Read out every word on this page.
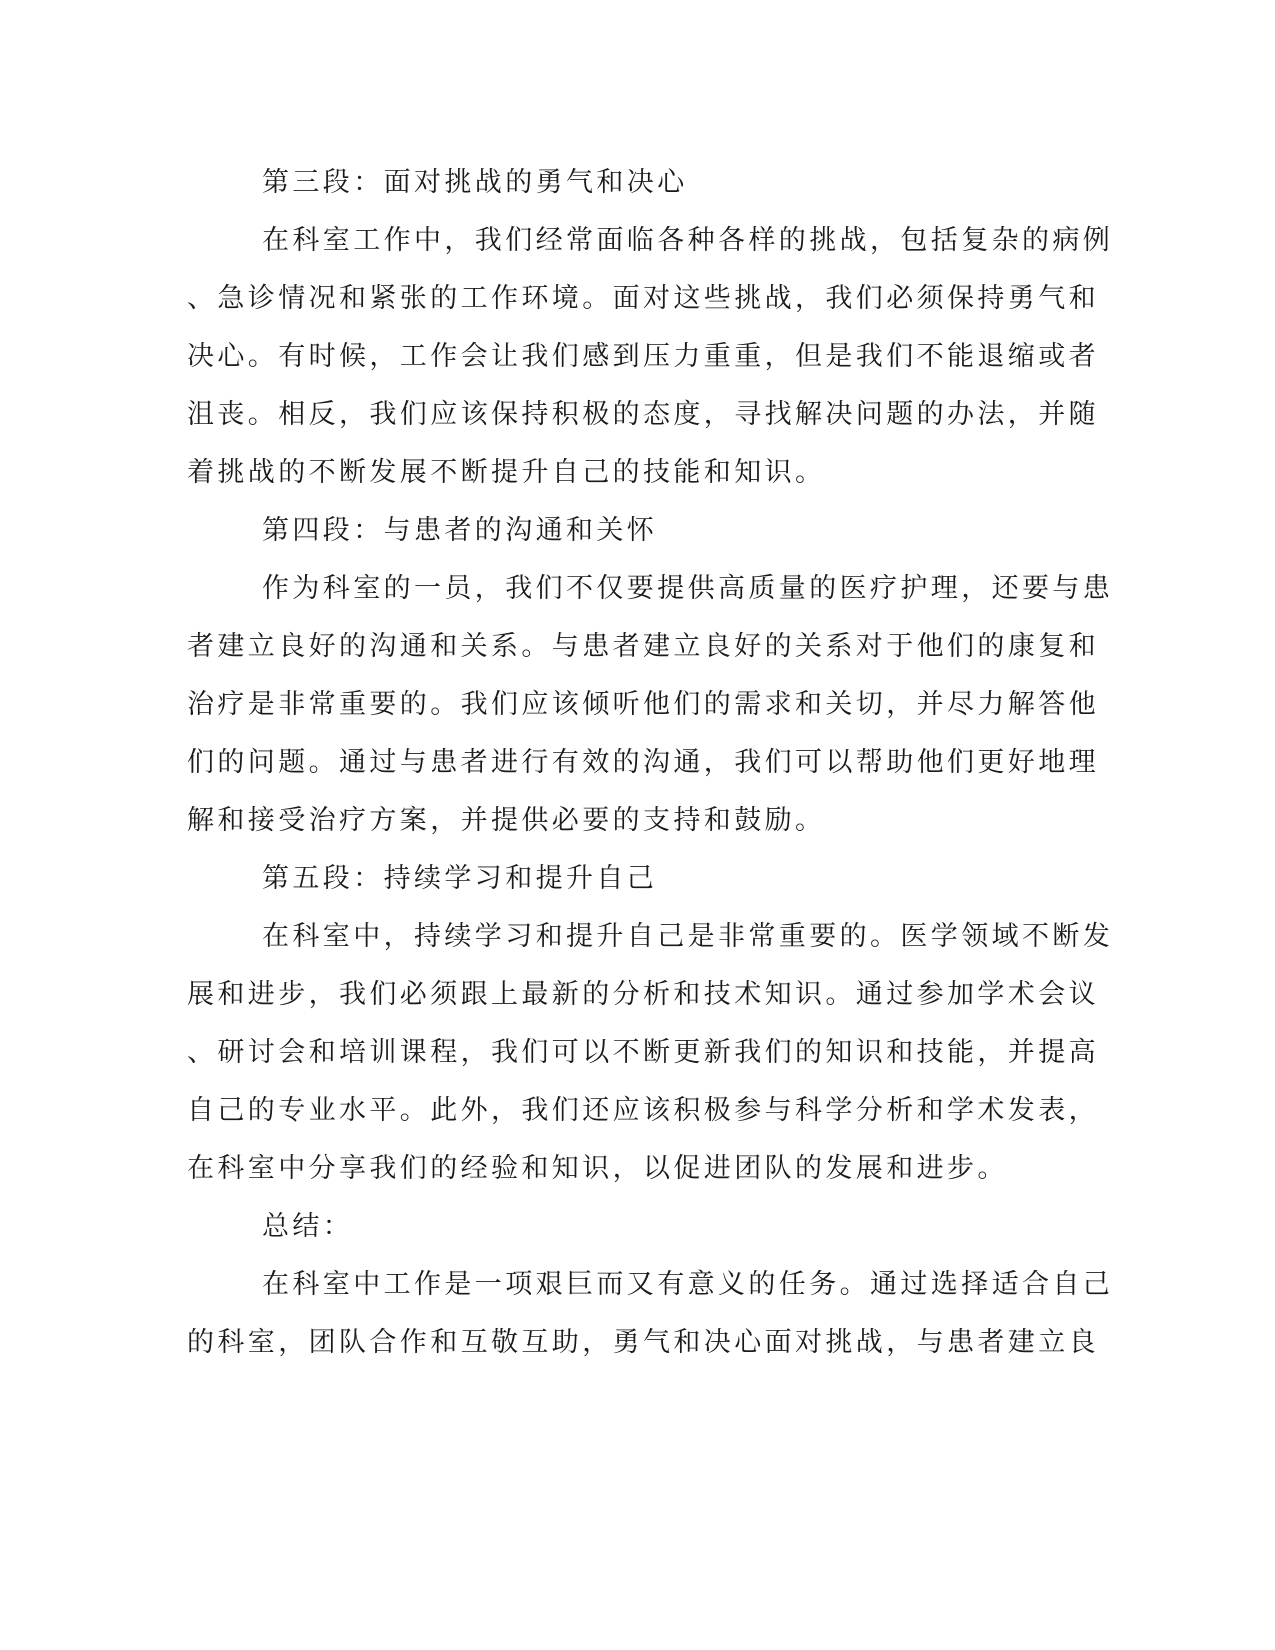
第三段：面对挑战的勇气和决心
在科室工作中，我们经常面临各种各样的挑战，包括复杂的病例
、急诊情况和紧张的工作环境。面对这些挑战，我们必须保持勇气和
决心。有时候，工作会让我们感到压力重重，但是我们不能退缩或者
沮丧。相反，我们应该保持积极的态度，寻找解决问题的办法，并随
着挑战的不断发展不断提升自己的技能和知识。
第四段：与患者的沟通和关怀
作为科室的一员，我们不仅要提供高质量的医疗护理，还要与患
者建立良好的沟通和关系。与患者建立良好的关系对于他们的康复和
治疗是非常重要的。我们应该倾听他们的需求和关切，并尽力解答他
们的问题。通过与患者进行有效的沟通，我们可以帮助他们更好地理
解和接受治疗方案，并提供必要的支持和鼓励。
第五段：持续学习和提升自己
在科室中，持续学习和提升自己是非常重要的。医学领域不断发
展和进步，我们必须跟上最新的分析和技术知识。通过参加学术会议
、研讨会和培训课程，我们可以不断更新我们的知识和技能，并提高
自己的专业水平。此外，我们还应该积极参与科学分析和学术发表，
在科室中分享我们的经验和知识，以促进团队的发展和进步。
总结：
在科室中工作是一项艰巨而又有意义的任务。通过选择适合自己
的科室，团队合作和互敬互助，勇气和决心面对挑战，与患者建立良
